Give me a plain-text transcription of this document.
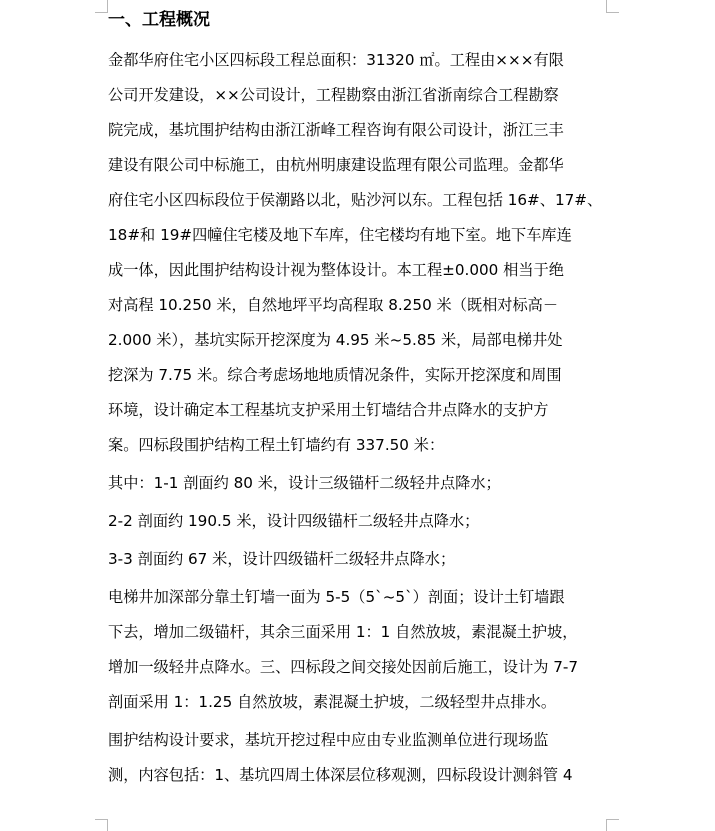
一、工程概况
金都华府住宅小区四标段工程总面积：31320 ㎡。工程由×××有限
公司开发建设，××公司设计，工程勘察由浙江省浙南综合工程勘察
院完成，基坑围护结构由浙江浙峰工程咨询有限公司设计，浙江三丰
建设有限公司中标施工，由杭州明康建设监理有限公司监理。金都华
府住宅小区四标段位于侯潮路以北，贴沙河以东。工程包括 16#、17#、
18#和 19#四幢住宅楼及地下车库，住宅楼均有地下室。地下车库连
成一体，因此围护结构设计视为整体设计。本工程±0.000 相当于绝
对高程 10.250 米，自然地坪平均高程取 8.250 米（既相对标高－
2.000 米），基坑实际开挖深度为 4.95 米~5.85 米，局部电梯井处
挖深为 7.75 米。综合考虑场地地质情况条件，实际开挖深度和周围
环境，设计确定本工程基坑支护采用土钉墙结合井点降水的支护方
案。四标段围护结构工程土钉墙约有 337.50 米：
其中：1-1 剖面约 80 米，设计三级锚杆二级轻井点降水；
2-2 剖面约 190.5 米，设计四级锚杆二级轻井点降水；
3-3 剖面约 67 米，设计四级锚杆二级轻井点降水；
电梯井加深部分靠土钉墙一面为 5-5（5`~5`）剖面；设计土钉墙跟
下去，增加二级锚杆，其余三面采用 1：1 自然放坡，素混凝土护坡，
增加一级轻井点降水。三、四标段之间交接处因前后施工，设计为 7-7
剖面采用 1：1.25 自然放坡，素混凝土护坡，二级轻型井点排水。
围护结构设计要求，基坑开挖过程中应由专业监测单位进行现场监
测，内容包括：1、基坑四周土体深层位移观测，四标段设计测斜管 4
